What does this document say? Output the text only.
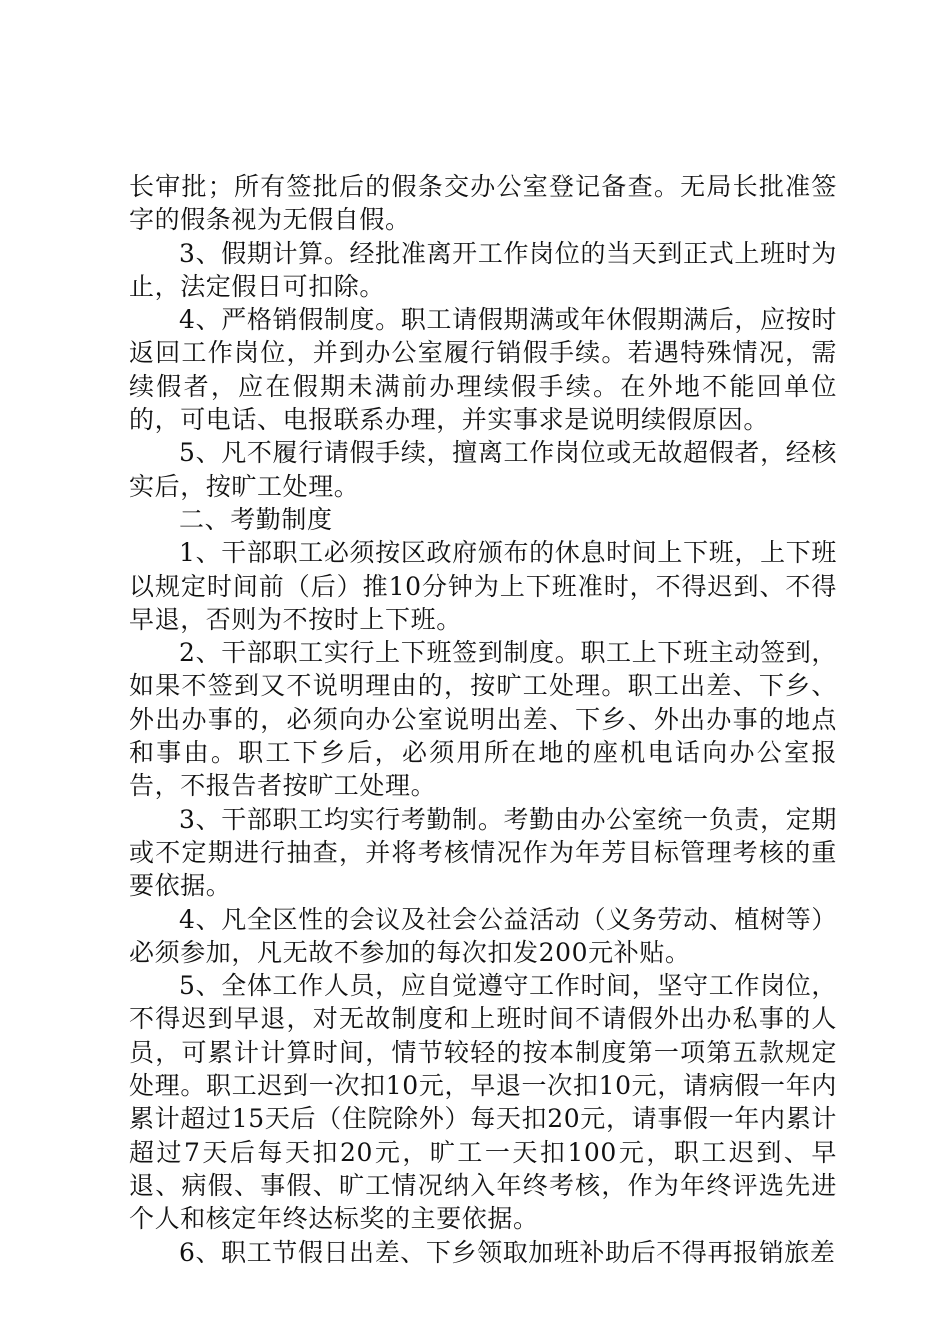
长审批；所有签批后的假条交办公室登记备查。无局长批准签字的假条视为无假自假。

3、假期计算。经批准离开工作岗位的当天到正式上班时为止，法定假日可扣除。

4、严格销假制度。职工请假期满或年休假期满后，应按时返回工作岗位，并到办公室履行销假手续。若遇特殊情况，需续假者，应在假期未满前办理续假手续。在外地不能回单位的，可电话、电报联系办理，并实事求是说明续假原因。

5、凡不履行请假手续，擅离工作岗位或无故超假者，经核实后，按旷工处理。

二、考勤制度

1、干部职工必须按区政府颁布的休息时间上下班，上下班以规定时间前（后）推10分钟为上下班准时，不得迟到、不得早退，否则为不按时上下班。

2、干部职工实行上下班签到制度。职工上下班主动签到，如果不签到又不说明理由的，按旷工处理。职工出差、下乡、外出办事的，必须向办公室说明出差、下乡、外出办事的地点和事由。职工下乡后，必须用所在地的座机电话向办公室报告，不报告者按旷工处理。

3、干部职工均实行考勤制。考勤由办公室统一负责，定期或不定期进行抽查，并将考核情况作为年芳目标管理考核的重要依据。

4、凡全区性的会议及社会公益活动（义务劳动、植树等）必须参加，凡无故不参加的每次扣发200元补贴。

5、全体工作人员，应自觉遵守工作时间，坚守工作岗位，不得迟到早退，对无故制度和上班时间不请假外出办私事的人员，可累计计算时间，情节较轻的按本制度第一项第五款规定处理。职工迟到一次扣10元，早退一次扣10元，请病假一年内累计超过15天后（住院除外）每天扣20元，请事假一年内累计超过7天后每天扣20元，旷工一天扣100元，职工迟到、早退、病假、事假、旷工情况纳入年终考核，作为年终评选先进个人和核定年终达标奖的主要依据。

6、职工节假日出差、下乡领取加班补助后不得再报销旅差
